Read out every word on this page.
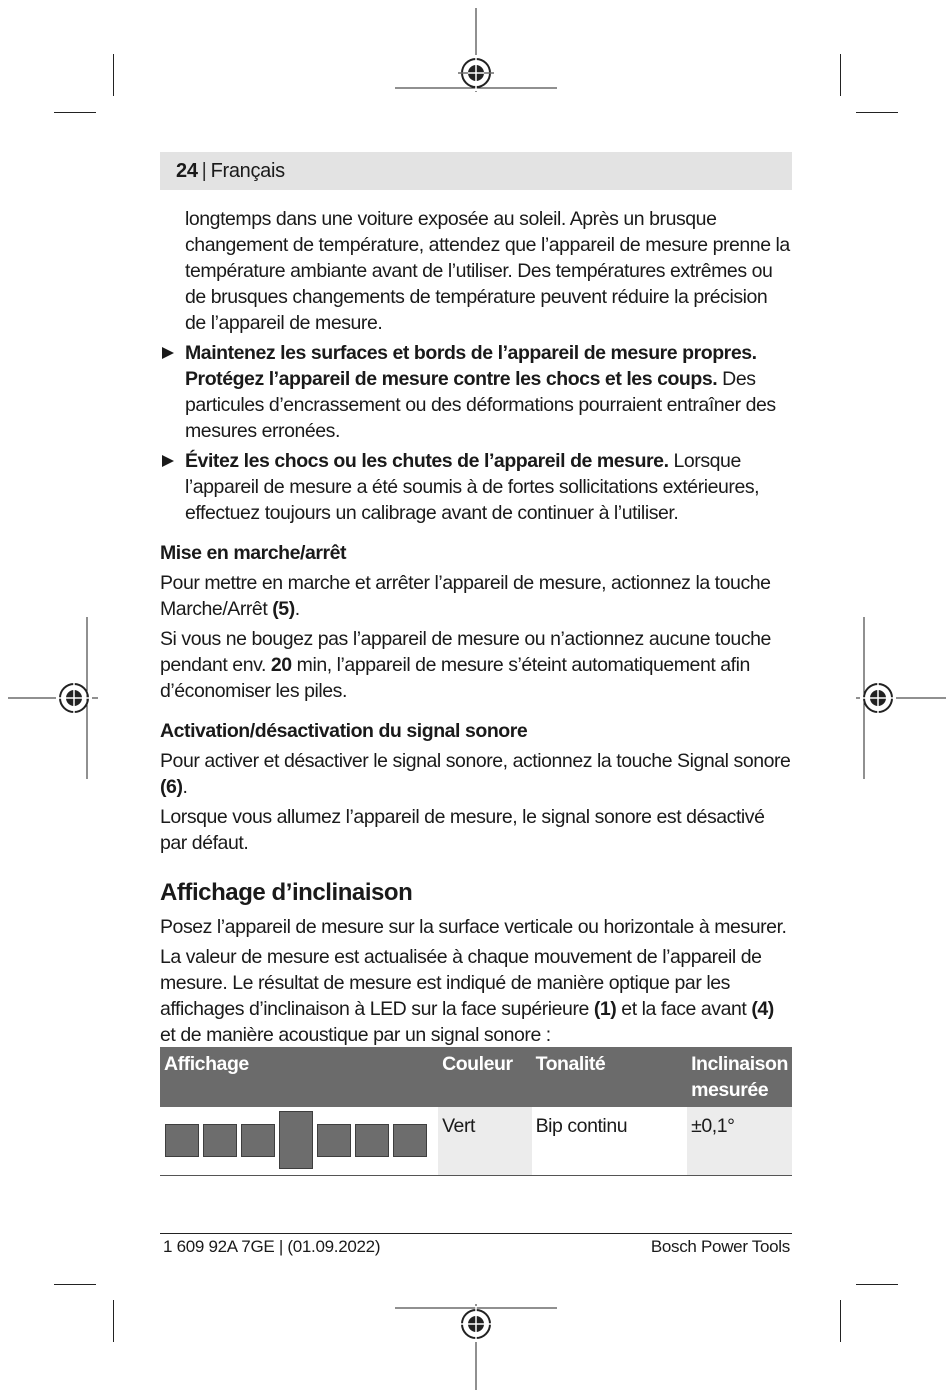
24 | Français

longtemps dans une voiture exposée au soleil. Après un brusque changement de température, attendez que l’appareil de mesure prenne la température ambiante avant de l’utiliser. Des températures extrêmes ou de brusques changements de température peuvent réduire la précision de l’appareil de mesure.

Maintenez les surfaces et bords de l’appareil de mesure propres. Protégez l’appareil de mesure contre les chocs et les coups. Des particules d’encrassement ou des déformations pourraient entraîner des mesures erronées.

Évitez les chocs ou les chutes de l’appareil de mesure. Lorsque l’appareil de mesure a été soumis à de fortes sollicitations extérieures, effectuez toujours un calibrage avant de continuer à l’utiliser.

Mise en marche/arrêt

Pour mettre en marche et arrêter l’appareil de mesure, actionnez la touche Marche/Arrêt (5).

Si vous ne bougez pas l’appareil de mesure ou n’actionnez aucune touche pendant env. 20 min, l’appareil de mesure s’éteint automatiquement afin d’économiser les piles.

Activation/désactivation du signal sonore

Pour activer et désactiver le signal sonore, actionnez la touche Signal sonore (6).

Lorsque vous allumez l’appareil de mesure, le signal sonore est désactivé par défaut.

Affichage d’inclinaison

Posez l’appareil de mesure sur la surface verticale ou horizontale à mesurer.

La valeur de mesure est actualisée à chaque mouvement de l’appareil de mesure. Le résultat de mesure est indiqué de manière optique par les affichages d’inclinaison à LED sur la face supérieure (1) et la face avant (4) et de manière acoustique par un signal sonore :

Affichage	Couleur	Tonalité	Inclinaison mesurée

	Vert	Bip continu	±0,1°
1 609 92A 7GE | (01.09.2022)	Bosch Power Tools
